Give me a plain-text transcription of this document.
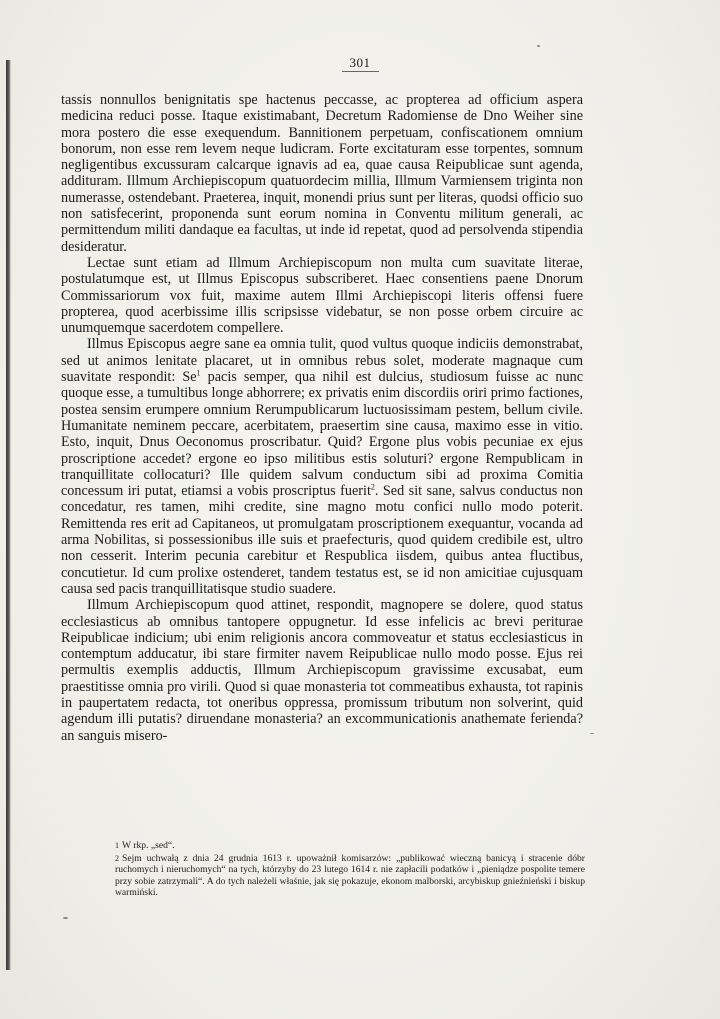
301

tassis nonnullos benignitatis spe hactenus peccasse, ac propterea ad officium aspera medicina reduci posse. Itaque existimabant, Decretum Radomiense de Dno Weiher sine mora postero die esse exequendum. Bannitionem perpetuam, confiscationem omnium bonorum, non esse rem levem neque ludicram. Forte excitaturam esse torpentes, somnum negligentibus excussuram calcarque ignavis ad ea, quae causa Reipublicae sunt agenda, addituram. Illmum Archiepiscopum quatuordecim millia, Illmum Varmiensem triginta non numerasse, ostendebant. Praeterea, inquit, monendi prius sunt per literas, quodsi officio suo non satisfecerint, proponenda sunt eorum nomina in Conventu militum generali, ac permittendum militi dandaque ea facultas, ut inde id repetat, quod ad persolvenda stipendia desideratur.

Lectae sunt etiam ad Illmum Archiepiscopum non multa cum suavitate literae, postulatumque est, ut Illmus Episcopus subscriberet. Haec consentiens paene Dnorum Commissariorum vox fuit, maxime autem Illmi Archiepiscopi literis offensi fuere propterea, quod acerbissime illis scripsisse videbatur, se non posse orbem circuire ac unumquemque sacerdotem compellere.

Illmus Episcopus aegre sane ea omnia tulit, quod vultus quoque indiciis demonstrabat, sed ut animos lenitate placaret, ut in omnibus rebus solet, moderate magnaque cum suavitate respondit: Se$^1$ pacis semper, qua nihil est dulcius, studiosum fuisse ac nunc quoque esse, a tumultibus longe abhorrere; ex privatis enim discordiis oriri primo factiones, postea sensim erumpere omnium Rerumpublicarum luctuosissimam pestem, bellum civile. Humanitate neminem peccare, acerbitatem, praesertim sine causa, maximo esse in vitio. Esto, inquit, Dnus Oeconomus proscribatur. Quid? Ergone plus vobis pecuniae ex ejus proscriptione accedet? ergone eo ipso militibus estis soluturi? ergone Rempublicam in tranquillitate collocaturi? Ille quidem salvum conductum sibi ad proxima Comitia concessum iri putat, etiamsi a vobis proscriptus fuerit$^2$. Sed sit sane, salvus conductus non concedatur, res tamen, mihi credite, sine magno motu confici nullo modo poterit. Remittenda res erit ad Capitaneos, ut promulgatam proscriptionem exequantur, vocanda ad arma Nobilitas, si possessionibus ille suis et praefecturis, quod quidem credibile est, ultro non cesserit. Interim pecunia carebitur et Respublica iisdem, quibus antea fluctibus, concutietur. Id cum prolixe ostenderet, tandem testatus est, se id non amicitiae cujusquam causa sed pacis tranquillitatisque studio suadere.

Illmum Archiepiscopum quod attinet, respondit, magnopere se dolere, quod status ecclesiasticus ab omnibus tantopere oppugnetur. Id esse infelicis ac brevi perituraе Reipublicae indicium; ubi enim religionis ancora commoveatur et status ecclesiasticus in contemptum adducatur, ibi stare firmiter navem Reipublicae nullo modo posse. Ejus rei permultis exemplis adductis, Illmum Archiepiscopum gravissime excusabat, eum praestitisse omnia pro virili. Quod si quae monasteria tot commeatibus exhausta, tot rapinis in paupertatem redacta, tot oneribus oppressa, promissum tributum non solverint, quid agendum illi putatis? diruendane monasteria? an excommunicationis anathemate ferienda? an sanguis misero-

1 W rkp. „sed“.

2 Sejm uchwałą z dnia 24 grudnia 1613 r. upoważnił komisarzów: „publikować wieczną banicyą i stracenie dóbr ruchomych i nieruchomych“ na tych, którzyby do 23 lutego 1614 r. nie zapłacili podatków i „pieniądze pospolite temere przy sobie zatrzymali“. A do tych należeli właśnie, jak się pokazuje, ekonom malborski, arcybiskup gnieźnieński i biskup warmiński.
